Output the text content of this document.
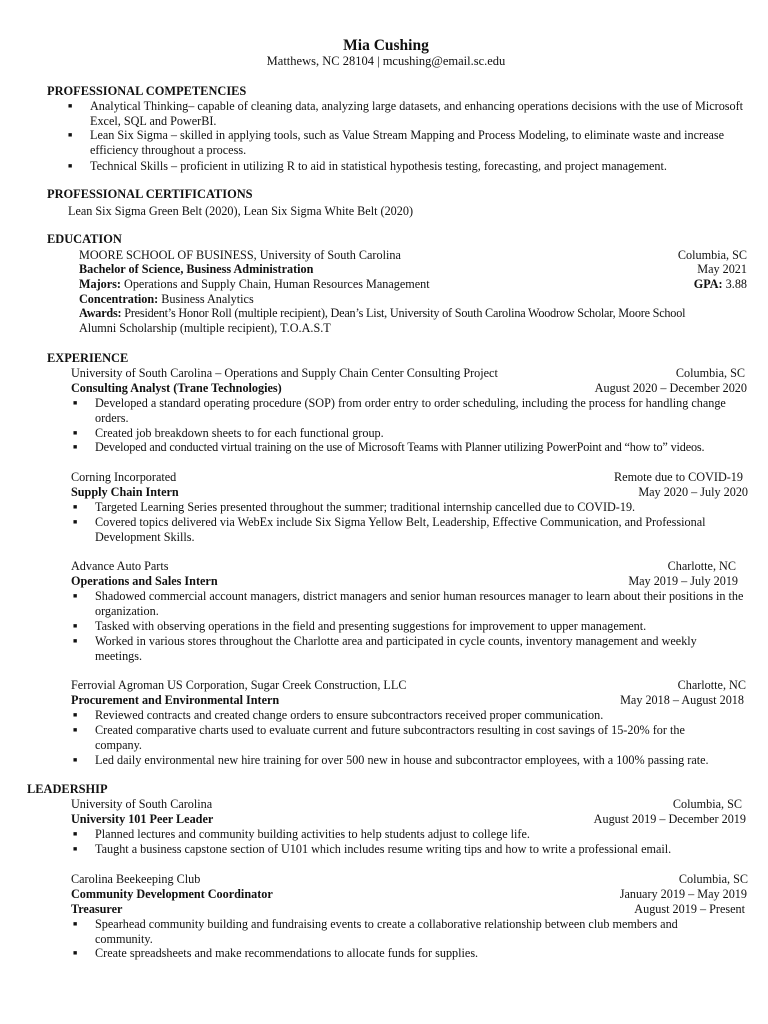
Mia Cushing
Matthews, NC 28104 | mcushing@email.sc.edu
PROFESSIONAL COMPETENCIES
■ Analytical Thinking– capable of cleaning data, analyzing large datasets, and enhancing operations decisions with the use of Microsoft Excel, SQL and PowerBI.
■ Lean Six Sigma – skilled in applying tools, such as Value Stream Mapping and Process Modeling, to eliminate waste and increase efficiency throughout a process.
■ Technical Skills – proficient in utilizing R to aid in statistical hypothesis testing, forecasting, and project management.
PROFESSIONAL CERTIFICATIONS
Lean Six Sigma Green Belt (2020), Lean Six Sigma White Belt (2020)
EDUCATION
MOORE SCHOOL OF BUSINESS, University of South Carolina	Columbia, SC
Bachelor of Science, Business Administration	May 2021
Majors: Operations and Supply Chain, Human Resources Management	GPA: 3.88
Concentration: Business Analytics
Awards: President’s Honor Roll (multiple recipient), Dean’s List, University of South Carolina Woodrow Scholar, Moore School
Alumni Scholarship (multiple recipient), T.O.A.S.T
EXPERIENCE
University of South Carolina – Operations and Supply Chain Center Consulting Project	Columbia, SC
Consulting Analyst (Trane Technologies)	August 2020 – December 2020
■ Developed a standard operating procedure (SOP) from order entry to order scheduling, including the process for handling change orders.
■ Created job breakdown sheets to for each functional group.
■ Developed and conducted virtual training on the use of Microsoft Teams with Planner utilizing PowerPoint and “how to” videos.
Corning Incorporated	Remote due to COVID-19
Supply Chain Intern	May 2020 – July 2020
■ Targeted Learning Series presented throughout the summer; traditional internship cancelled due to COVID-19.
■ Covered topics delivered via WebEx include Six Sigma Yellow Belt, Leadership, Effective Communication, and Professional Development Skills.
Advance Auto Parts	Charlotte, NC
Operations and Sales Intern	May 2019 – July 2019
■ Shadowed commercial account managers, district managers and senior human resources manager to learn about their positions in the organization.
■ Tasked with observing operations in the field and presenting suggestions for improvement to upper management.
■ Worked in various stores throughout the Charlotte area and participated in cycle counts, inventory management and weekly meetings.
Ferrovial Agroman US Corporation, Sugar Creek Construction, LLC	Charlotte, NC
Procurement and Environmental Intern	May 2018 – August 2018
■ Reviewed contracts and created change orders to ensure subcontractors received proper communication.
■ Created comparative charts used to evaluate current and future subcontractors resulting in cost savings of 15-20% for the company.
■ Led daily environmental new hire training for over 500 new in house and subcontractor employees, with a 100% passing rate.
LEADERSHIP
University of South Carolina	Columbia, SC
University 101 Peer Leader	August 2019 – December 2019
■ Planned lectures and community building activities to help students adjust to college life.
■ Taught a business capstone section of U101 which includes resume writing tips and how to write a professional email.
Carolina Beekeeping Club	Columbia, SC
Community Development Coordinator	January 2019 – May 2019
Treasurer	August 2019 – Present
■ Spearhead community building and fundraising events to create a collaborative relationship between club members and community.
■ Create spreadsheets and make recommendations to allocate funds for supplies.
